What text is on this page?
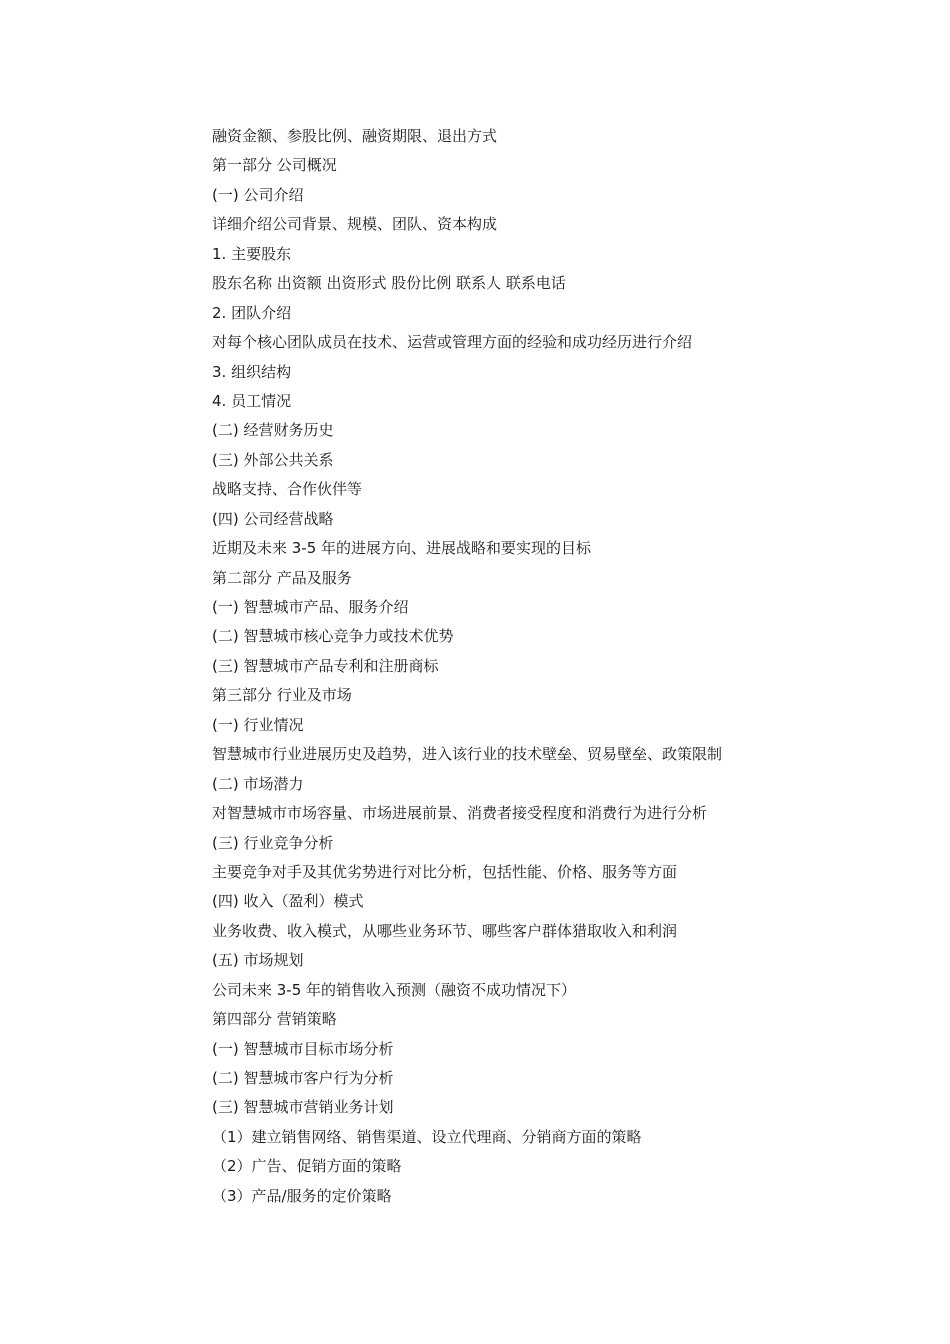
融资金额、参股比例、融资期限、退出方式
第一部分 公司概况
(一) 公司介绍
详细介绍公司背景、规模、团队、资本构成
1. 主要股东
股东名称 出资额 出资形式 股份比例 联系人 联系电话
2. 团队介绍
对每个核心团队成员在技术、运营或管理方面的经验和成功经历进行介绍
3. 组织结构
4. 员工情况
(二) 经营财务历史
(三) 外部公共关系
战略支持、合作伙伴等
(四) 公司经营战略
近期及未来 3-5 年的进展方向、进展战略和要实现的目标
第二部分 产品及服务
(一) 智慧城市产品、服务介绍
(二) 智慧城市核心竞争力或技术优势
(三) 智慧城市产品专利和注册商标
第三部分 行业及市场
(一) 行业情况
智慧城市行业进展历史及趋势，进入该行业的技术壁垒、贸易壁垒、政策限制
(二) 市场潜力
对智慧城市市场容量、市场进展前景、消费者接受程度和消费行为进行分析
(三) 行业竞争分析
主要竞争对手及其优劣势进行对比分析，包括性能、价格、服务等方面
(四) 收入（盈利）模式
业务收费、收入模式，从哪些业务环节、哪些客户群体猎取收入和利润
(五) 市场规划
公司未来 3-5 年的销售收入预测（融资不成功情况下）
第四部分 营销策略
(一) 智慧城市目标市场分析
(二) 智慧城市客户行为分析
(三) 智慧城市营销业务计划
（1）建立销售网络、销售渠道、设立代理商、分销商方面的策略
（2）广告、促销方面的策略
（3）产品/服务的定价策略
